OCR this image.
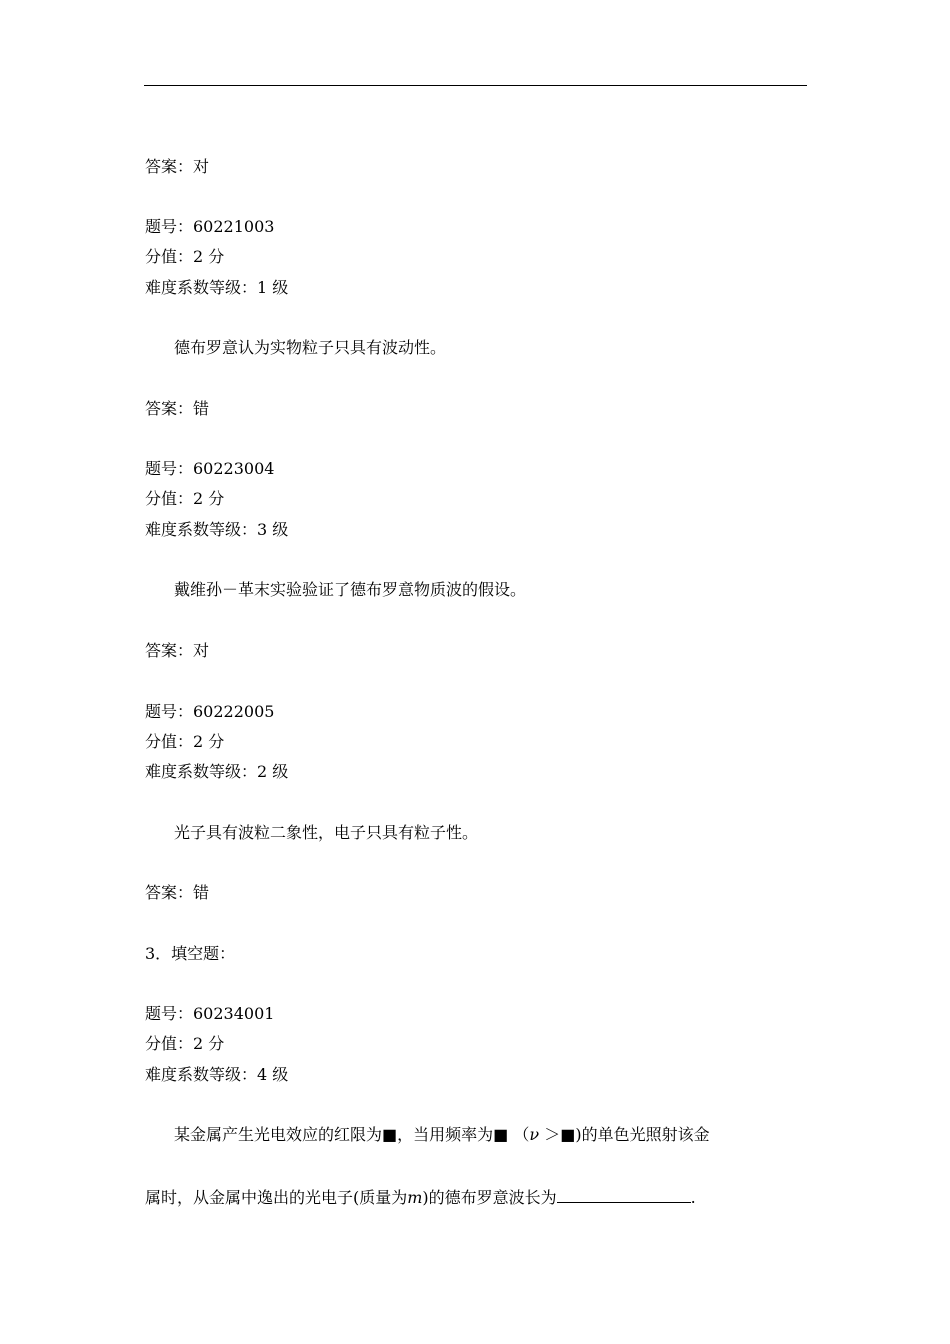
答案：对
题号：60221003
分值：2 分
难度系数等级：1 级
德布罗意认为实物粒子只具有波动性。
答案：错
题号：60223004
分值：2 分
难度系数等级：3 级
戴维孙－革末实验验证了德布罗意物质波的假设。
答案：对
题号：60222005
分值：2 分
难度系数等级：2 级
光子具有波粒二象性，电子只具有粒子性。
答案：错
3．填空题：
题号：60234001
分值：2 分
难度系数等级：4 级
某金属产生光电效应的红限为■，当用频率为■ （ν ＞■)的单色光照射该金
属时，从金属中逸出的光电子(质量为m)的德布罗意波长为	.
